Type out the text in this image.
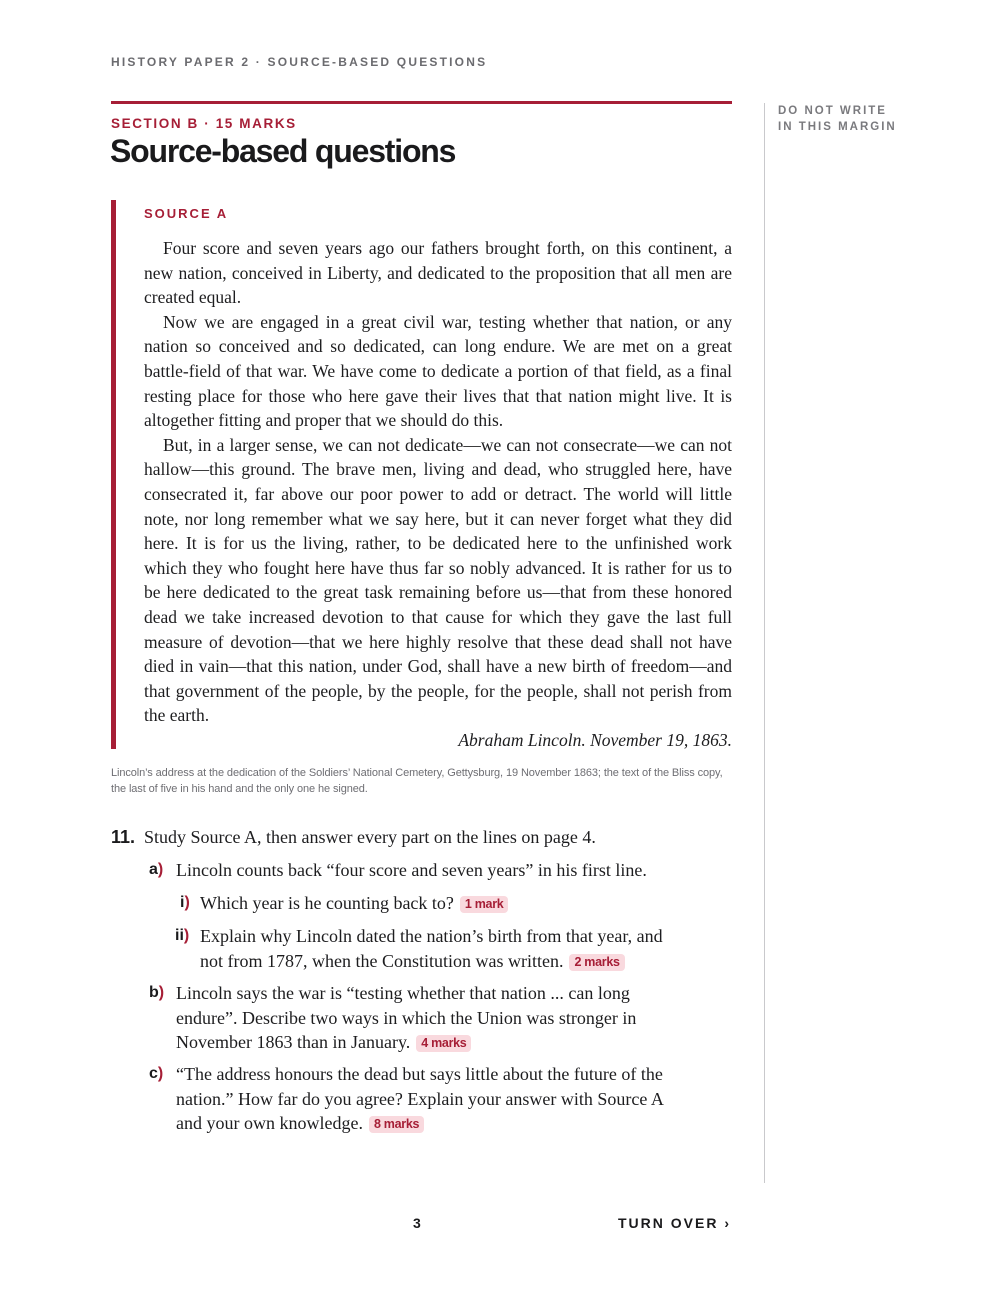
HISTORY PAPER 2 · SOURCE-BASED QUESTIONS
DO NOT WRITE
IN THIS MARGIN
SECTION B · 15 MARKS
Source-based questions
SOURCE A

Four score and seven years ago our fathers brought forth, on this continent, a new nation, conceived in Liberty, and dedicated to the proposition that all men are created equal.

Now we are engaged in a great civil war, testing whether that nation, or any nation so conceived and so dedicated, can long endure. We are met on a great battle-field of that war. We have come to dedicate a portion of that field, as a final resting place for those who here gave their lives that that nation might live. It is altogether fitting and proper that we should do this.

But, in a larger sense, we can not dedicate—we can not consecrate—we can not hallow—this ground. The brave men, living and dead, who struggled here, have consecrated it, far above our poor power to add or detract. The world will little note, nor long remember what we say here, but it can never forget what they did here. It is for us the living, rather, to be dedicated here to the unfinished work which they who fought here have thus far so nobly advanced. It is rather for us to be here dedicated to the great task remaining before us—that from these honored dead we take increased devotion to that cause for which they gave the last full measure of devotion—that we here highly resolve that these dead shall not have died in vain—that this nation, under God, shall have a new birth of freedom—and that government of the people, by the people, for the people, shall not perish from the earth.

Abraham Lincoln. November 19, 1863.
Lincoln’s address at the dedication of the Soldiers’ National Cemetery, Gettysburg, 19 November 1863; the text of the Bliss copy, the last of five in his hand and the only one he signed.
11. Study Source A, then answer every part on the lines on page 4.
a) Lincoln counts back “four score and seven years” in his first line.
i) Which year is he counting back to? 1 mark
ii) Explain why Lincoln dated the nation’s birth from that year, and
not from 1787, when the Constitution was written. 2 marks
b) Lincoln says the war is “testing whether that nation ... can long
endure”. Describe two ways in which the Union was stronger in
November 1863 than in January. 4 marks
c) “The address honours the dead but says little about the future of the
nation.” How far do you agree? Explain your answer with Source A
and your own knowledge. 8 marks
3	TURN OVER ›
